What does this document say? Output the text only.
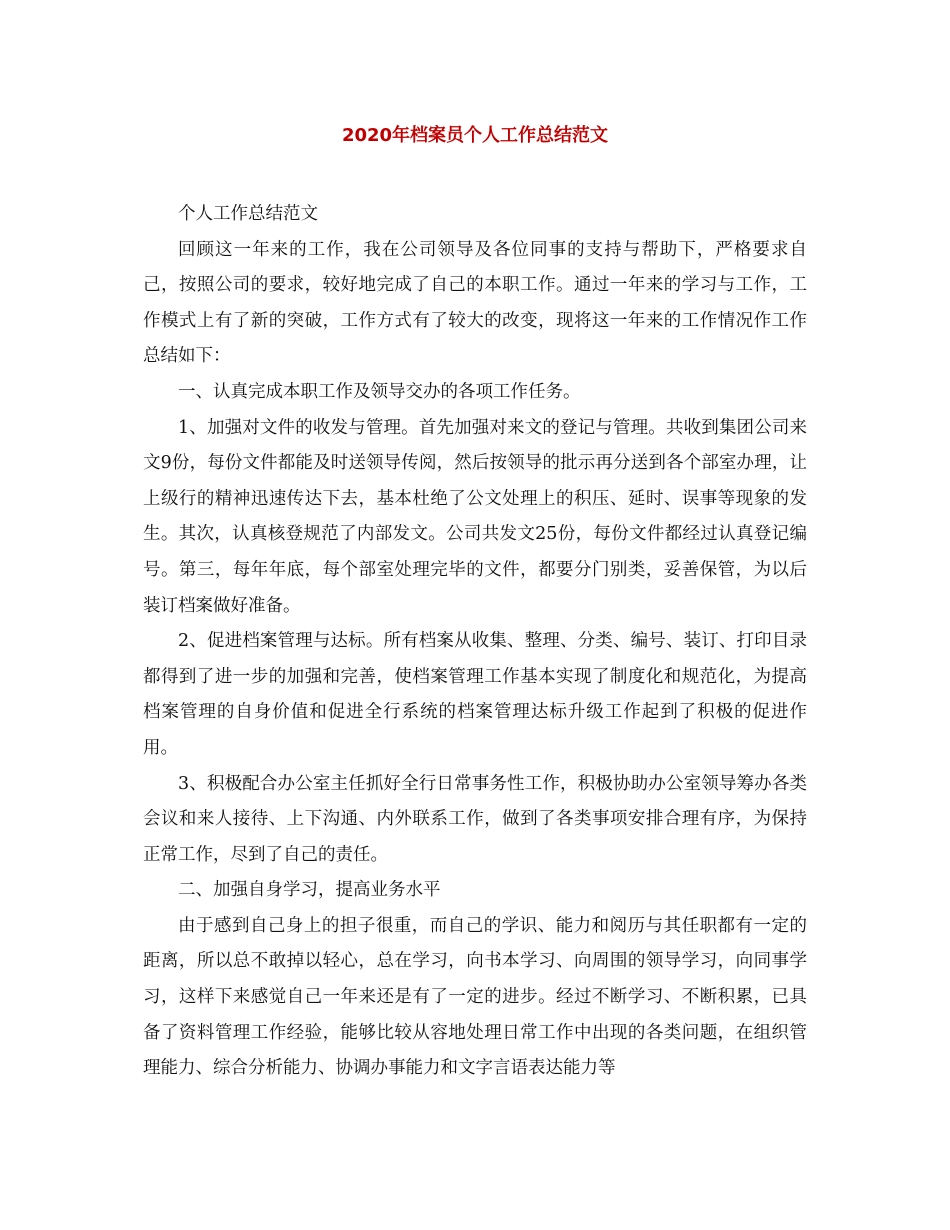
2020年档案员个人工作总结范文

个人工作总结范文

回顾这一年来的工作，我在公司领导及各位同事的支持与帮助下，严格要求自己，按照公司的要求，较好地完成了自己的本职工作。通过一年来的学习与工作，工作模式上有了新的突破，工作方式有了较大的改变，现将这一年来的工作情况作工作总结如下：

一、认真完成本职工作及领导交办的各项工作任务。

1、加强对文件的收发与管理。首先加强对来文的登记与管理。共收到集团公司来文9份，每份文件都能及时送领导传阅，然后按领导的批示再分送到各个部室办理，让上级行的精神迅速传达下去，基本杜绝了公文处理上的积压、延时、误事等现象的发生。其次，认真核登规范了内部发文。公司共发文25份，每份文件都经过认真登记编号。第三，每年年底，每个部室处理完毕的文件，都要分门别类，妥善保管，为以后装订档案做好准备。

2、促进档案管理与达标。所有档案从收集、整理、分类、编号、装订、打印目录都得到了进一步的加强和完善，使档案管理工作基本实现了制度化和规范化，为提高档案管理的自身价值和促进全行系统的档案管理达标升级工作起到了积极的促进作用。

3、积极配合办公室主任抓好全行日常事务性工作，积极协助办公室领导筹办各类会议和来人接待、上下沟通、内外联系工作，做到了各类事项安排合理有序，为保持正常工作，尽到了自己的责任。

二、加强自身学习，提高业务水平

由于感到自己身上的担子很重，而自己的学识、能力和阅历与其任职都有一定的距离，所以总不敢掉以轻心，总在学习，向书本学习、向周围的领导学习，向同事学习，这样下来感觉自己一年来还是有了一定的进步。经过不断学习、不断积累，已具备了资料管理工作经验，能够比较从容地处理日常工作中出现的各类问题，在组织管理能力、综合分析能力、协调办事能力和文字言语表达能力等
